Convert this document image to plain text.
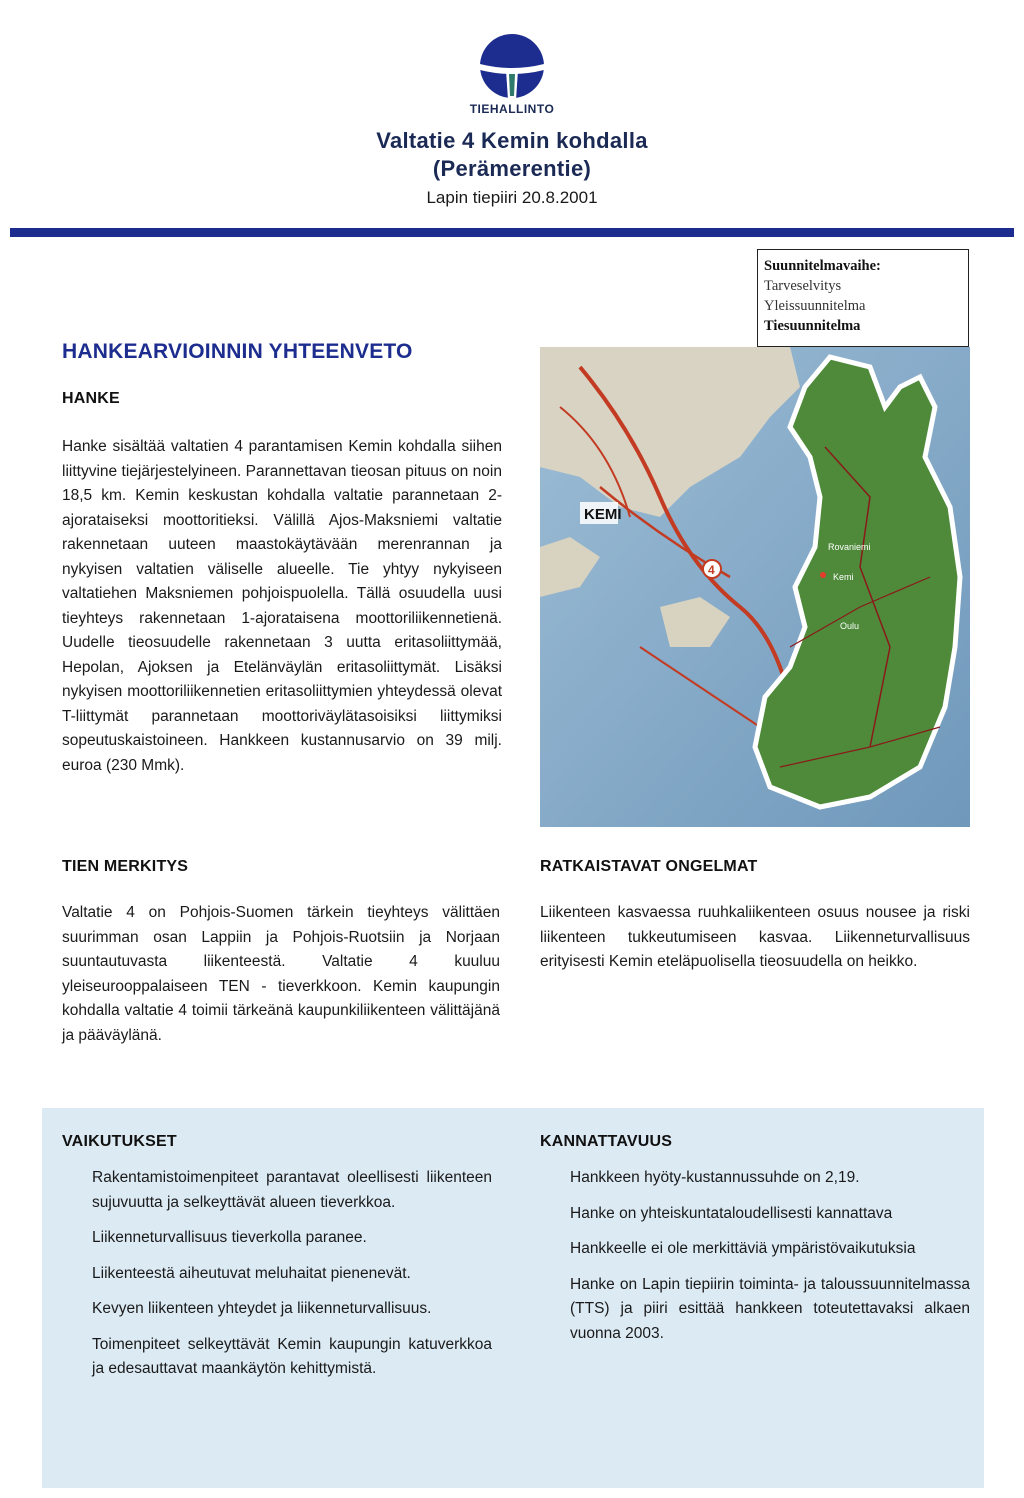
TIEHALLINTO
Valtatie 4 Kemin kohdalla
(Perämerentie)
Lapin tiepiiri 20.8.2001
Suunnitelmavaihe:
Tarveselvitys
Yleissuunnitelma
Tiesuunnitelma
HANKEARVIOINNIN YHTEENVETO
HANKE
Hanke sisältää valtatien 4 parantamisen Kemin kohdalla siihen liittyvine tiejärjestelyineen. Parannettavan tieosan pituus on noin 18,5 km. Kemin keskustan kohdalla valtatie parannetaan 2-ajorataiseksi moottoritieksi. Välillä Ajos-Maksniemi valtatie rakennetaan uuteen maastokäytävään merenrannan ja nykyisen valtatien väliselle alueelle. Tie yhtyy nykyiseen valtatiehen Maksniemen pohjoispuolella. Tällä osuudella uusi tieyhteys rakennetaan 1-ajorataisena moottoriliikennetienä. Uudelle tieosuudelle rakennetaan 3 uutta eritasoliittymää, Hepolan, Ajoksen ja Etelänväylän eritasoliittymät. Lisäksi nykyisen moottoriliikennetien eritasoliittymien yhteydessä olevat T-liittymät parannetaan moottoriväylätasoisiksi liittymiksi sopeutuskaistoineen. Hankkeen kustannusarvio on 39 milj. euroa (230 Mmk).
KEMI
4
Rovaniemi
Kemi
Oulu
TIEN MERKITYS
Valtatie 4 on Pohjois-Suomen tärkein tieyhteys välittäen suurimman osan Lappiin ja Pohjois-Ruotsiin ja Norjaan suuntautuvasta liikenteestä. Valtatie 4 kuuluu yleiseurooppalaiseen TEN - tieverkkoon. Kemin kaupungin kohdalla valtatie 4 toimii tärkeänä kaupunkiliikenteen välittäjänä ja pääväylänä.
RATKAISTAVAT ONGELMAT
Liikenteen kasvaessa ruuhkaliikenteen osuus nousee ja riski liikenteen tukkeutumiseen kasvaa. Liikenneturvallisuus erityisesti Kemin eteläpuolisella tieosuudella on heikko.
VAIKUTUKSET

Rakentamistoimenpiteet parantavat oleellisesti liikenteen sujuvuutta ja selkeyttävät alueen tieverkkoa.

Liikenneturvallisuus tieverkolla paranee.

Liikenteestä aiheutuvat meluhaitat pienenevät.

Kevyen liikenteen yhteydet ja liikenneturvallisuus.

Toimenpiteet selkeyttävät Kemin kaupungin katuverkkoa ja edesauttavat maankäytön kehittymistä.

KANNATTAVUUS

Hankkeen hyöty-kustannussuhde on 2,19.

Hanke on yhteiskuntataloudellisesti kannattava

Hankkeelle ei ole merkittäviä ympäristövaikutuksia

Hanke on Lapin tiepiirin toiminta- ja taloussuunnitelmassa (TTS) ja piiri esittää hankkeen toteutettavaksi alkaen vuonna 2003.
